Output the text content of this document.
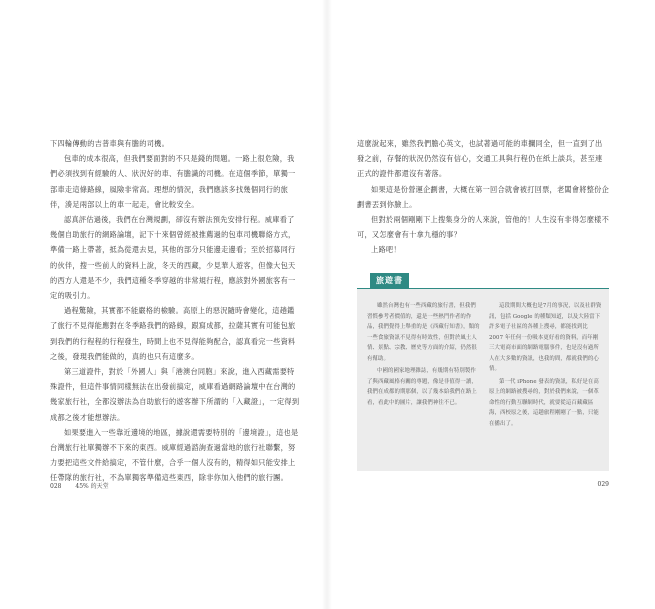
下四輪傳動的吉普車與有膽的司機。

包車的成本很高，但我們要面對的不只是錢的問題。一路上很危險，我們必須找到有經驗的人、狀況好的車、有膽識的司機。在這個季節，單獨一部車走這條路線，風險非常高。理想的情況，我們應該多找幾個同行的旅伴，湊足兩部以上的車一起走，會比較安全。

認真評估過後，我們在台灣規劃，卻沒有辦法預先安排行程。威庫看了幾個自助旅行的網路論壇，記下十來個曾經被推薦過的包車司機聯絡方式，準備一路上帶著，抵為從還去見，其他的部分只能邊走邊看；至於招募同行的伙伴，搜一些前人的資料上說，冬天的西藏，少見華人遊客，但像大包天的西方人還是不少，我們這種冬季穿越的非常規行程，應該對外國旅客有一定的吸引力。

過程驚險，其實都不能嚴格的檢驗。高原上的惡況隨時會變化，這趟鑑了旅行不見得能應對在冬季路我們的路線，跟寫成都，拉薩其實有可能包旅到我們的行程程的行程發生，時間上也不見得能夠配合，認真看完一些資料之後，發現我們能做的，真的也只有這麼多。

第三道證件，對於「外國人」與「港澳台同胞」來說，進入西藏需要特殊證件，但這件事情同樣無法在出發前搞定，威庫看過網路論壇中在台灣的幾家旅行社，全都沒辦法為自助旅行的遊客辦下所謂的「入藏證」，一定得到成都之後才能想辦法。

如果要進入一些靠近邊境的地區，據說還需要特別的「邊境證」，這也是台灣旅行社單獨辦不下來的東西。威庫經過諮詢查過當地的旅行社聯繫，努力要把這些文件給搞定，不管什麼，合乎一個人沒有的，精得如只能安排上任帶隊的旅行社，不為單獨客準備這些東西，除非你加入他們的旅行團。

028 45% 的天堂

這麼說起來，雖然我們膽心英文，也試著過可能的車攔同全，但一直到了出發之前，存餐的狀況仍然沒有信心，交通工具與行程仍在紙上談兵，甚至連正式的證件都還沒有著落。

如果這是份營運企劃書，大概在第一回合就會被打回票，老闆會將整份企劃書丟到你臉上。

但對於兩個剛剛下上搜集身分的人來說，管他的！人生沒有非得怎麼樣不可，又怎麼會有十拿九穩的事？

上路吧！

旅遊書

雖然台灣也有一些西藏的旅行書，但我們習慣參考者價值的，還是一些熱門作者的作品，我們覺得上舉重的是《西藏行知書》，類的一些食旅資訊不見得有時效性，但對於風土人情、景點、宗教、歷史等方面的介紹，仍然很有幫助。

中國的國家地理雜誌，有幾期有特別製作了與西藏風格有關的專題，像是非值得一讀，我們在成都的期那個，以了幾本給我們在路上看，看此中的圖片，讓我們神往不已。

這段期間大概也是7月的事況，以及社群資訊，包括 Google 的種類知道，以及大陸當下許多電子社區的各種上搜尋，都能找到比 2007 年任何一份吸本更好看的資料，而年剛三大電商市面的網路電腦事件，也是沒有過所人在大多數的資訊，也我的間，都就我們的心情。

第一代 iPhone 發表的資訊，私好是在高原上的網路被搜尋的，對於我們來說，一個革命性的行動互聯網時代，就要從這百藏藏區海，西校原之後，這趟旅程剛剛了一點，只能在播出了。

029
